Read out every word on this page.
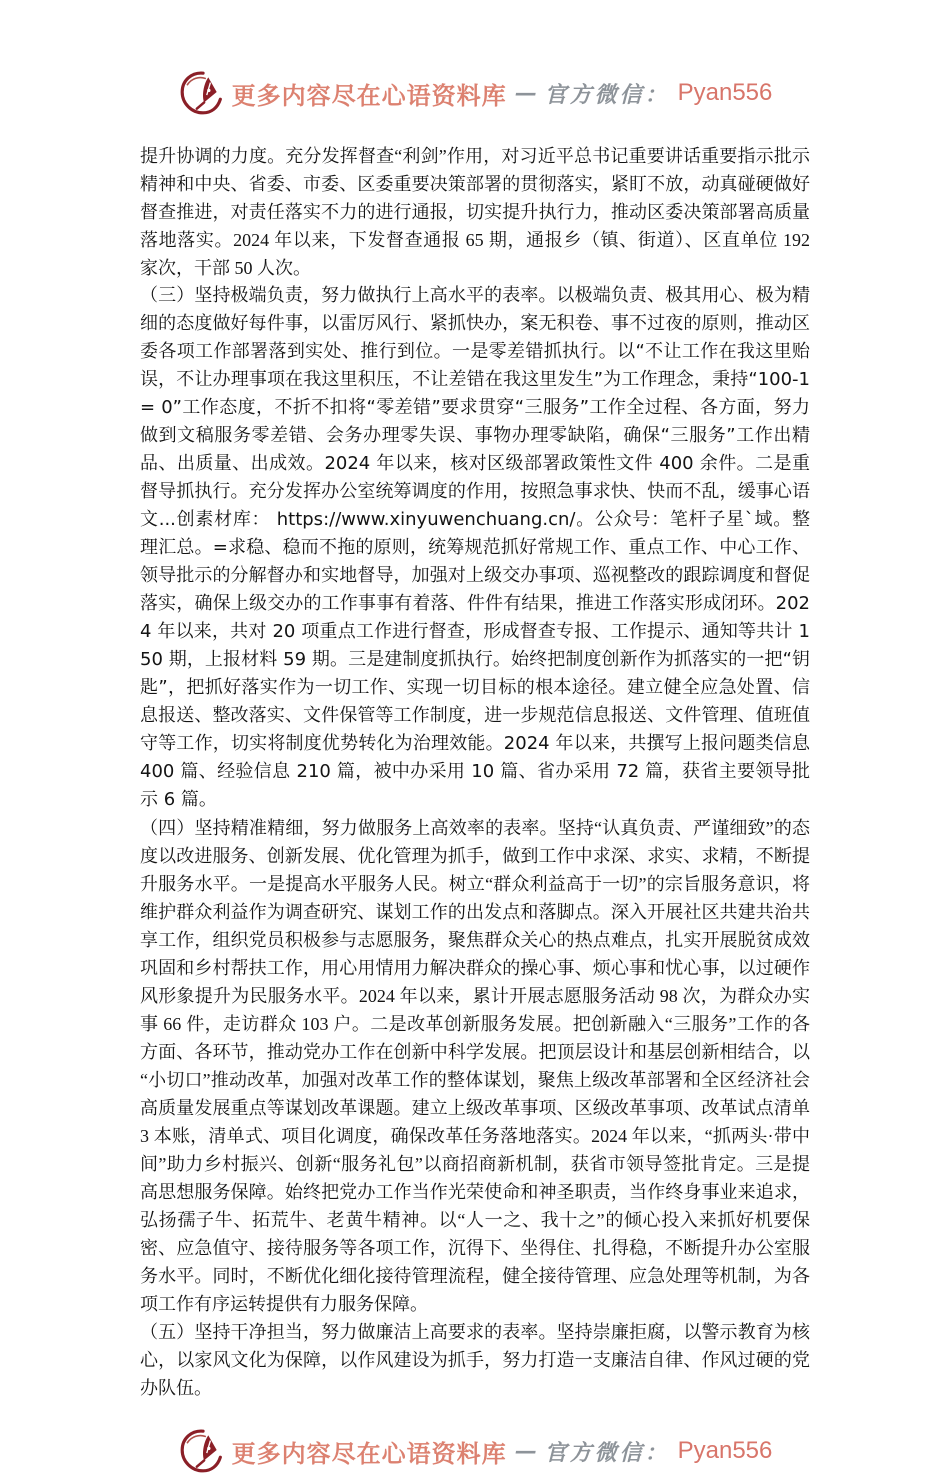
更多内容尽在心语资料库 — 官方微信： Pyan556

提升协调的力度。充分发挥督查“利剑”作用，对习近平总书记重要讲话重要指示批示精神和中央、省委、市委、区委重要决策部署的贯彻落实，紧盯不放，动真碰硬做好督查推进，对责任落实不力的进行通报，切实提升执行力，推动区委决策部署高质量落地落实。2024 年以来，下发督查通报 65 期，通报乡（镇、街道）、区直单位 192 家次，干部 50 人次。

（三）坚持极端负责，努力做执行上高水平的表率。以极端负责、极其用心、极为精细的态度做好每件事，以雷厉风行、紧抓快办，案无积卷、事不过夜的原则，推动区委各项工作部署落到实处、推行到位。一是零差错抓执行。以“不让工作在我这里贻误，不让办理事项在我这里积压，不让差错在我这里发生”为工作理念，秉持“100-1 = 0”工作态度，不折不扣将“零差错”要求贯穿“三服务”工作全过程、各方面，努力做到文稿服务零差错、会务办理零失误、事物办理零缺陷，确保“三服务”工作出精品、出质量、出成效。2024 年以来，核对区级部署政策性文件 400 余件。二是重督导抓执行。充分发挥办公室统筹调度的作用，按照急事求快、快而不乱，缓事心语文...创素材库： https://www.xinyuwenchuang.cn/。公众号：笔杆子星`域。整理汇总。=求稳、稳而不拖的原则，统筹规范抓好常规工作、重点工作、中心工作、领导批示的分解督办和实地督导，加强对上级交办事项、巡视整改的跟踪调度和督促落实，确保上级交办的工作事事有着落、件件有结果，推进工作落实形成闭环。2024 年以来，共对 20 项重点工作进行督查，形成督查专报、工作提示、通知等共计 150 期，上报材料 59 期。三是建制度抓执行。始终把制度创新作为抓落实的一把“钥匙”，把抓好落实作为一切工作、实现一切目标的根本途径。建立健全应急处置、信息报送、整改落实、文件保管等工作制度，进一步规范信息报送、文件管理、值班值守等工作，切实将制度优势转化为治理效能。2024 年以来，共撰写上报问题类信息 400 篇、经验信息 210 篇，被中办采用 10 篇、省办采用 72 篇，获省主要领导批示 6 篇。

（四）坚持精准精细，努力做服务上高效率的表率。坚持“认真负责、严谨细致”的态度以改进服务、创新发展、优化管理为抓手，做到工作中求深、求实、求精，不断提升服务水平。一是提高水平服务人民。树立“群众利益高于一切”的宗旨服务意识，将维护群众利益作为调查研究、谋划工作的出发点和落脚点。深入开展社区共建共治共享工作，组织党员积极参与志愿服务，聚焦群众关心的热点难点，扎实开展脱贫成效巩固和乡村帮扶工作，用心用情用力解决群众的操心事、烦心事和忧心事，以过硬作风形象提升为民服务水平。2024 年以来，累计开展志愿服务活动 98 次，为群众办实事 66 件，走访群众 103 户。二是改革创新服务发展。把创新融入“三服务”工作的各方面、各环节，推动党办工作在创新中科学发展。把顶层设计和基层创新相结合，以“小切口”推动改革，加强对改革工作的整体谋划，聚焦上级改革部署和全区经济社会高质量发展重点等谋划改革课题。建立上级改革事项、区级改革事项、改革试点清单 3 本账，清单式、项目化调度，确保改革任务落地落实。2024 年以来，“抓两头·带中间”助力乡村振兴、创新“服务礼包”以商招商新机制，获省市领导签批肯定。三是提高思想服务保障。始终把党办工作当作光荣使命和神圣职责，当作终身事业来追求，弘扬孺子牛、拓荒牛、老黄牛精神。以“人一之、我十之”的倾心投入来抓好机要保密、应急值守、接待服务等各项工作，沉得下、坐得住、扎得稳，不断提升办公室服务水平。同时，不断优化细化接待管理流程，健全接待管理、应急处理等机制，为各项工作有序运转提供有力服务保障。

（五）坚持干净担当，努力做廉洁上高要求的表率。坚持崇廉拒腐，以警示教育为核心，以家风文化为保障，以作风建设为抓手，努力打造一支廉洁自律、作风过硬的党办队伍。

更多内容尽在心语资料库 — 官方微信： Pyan556
